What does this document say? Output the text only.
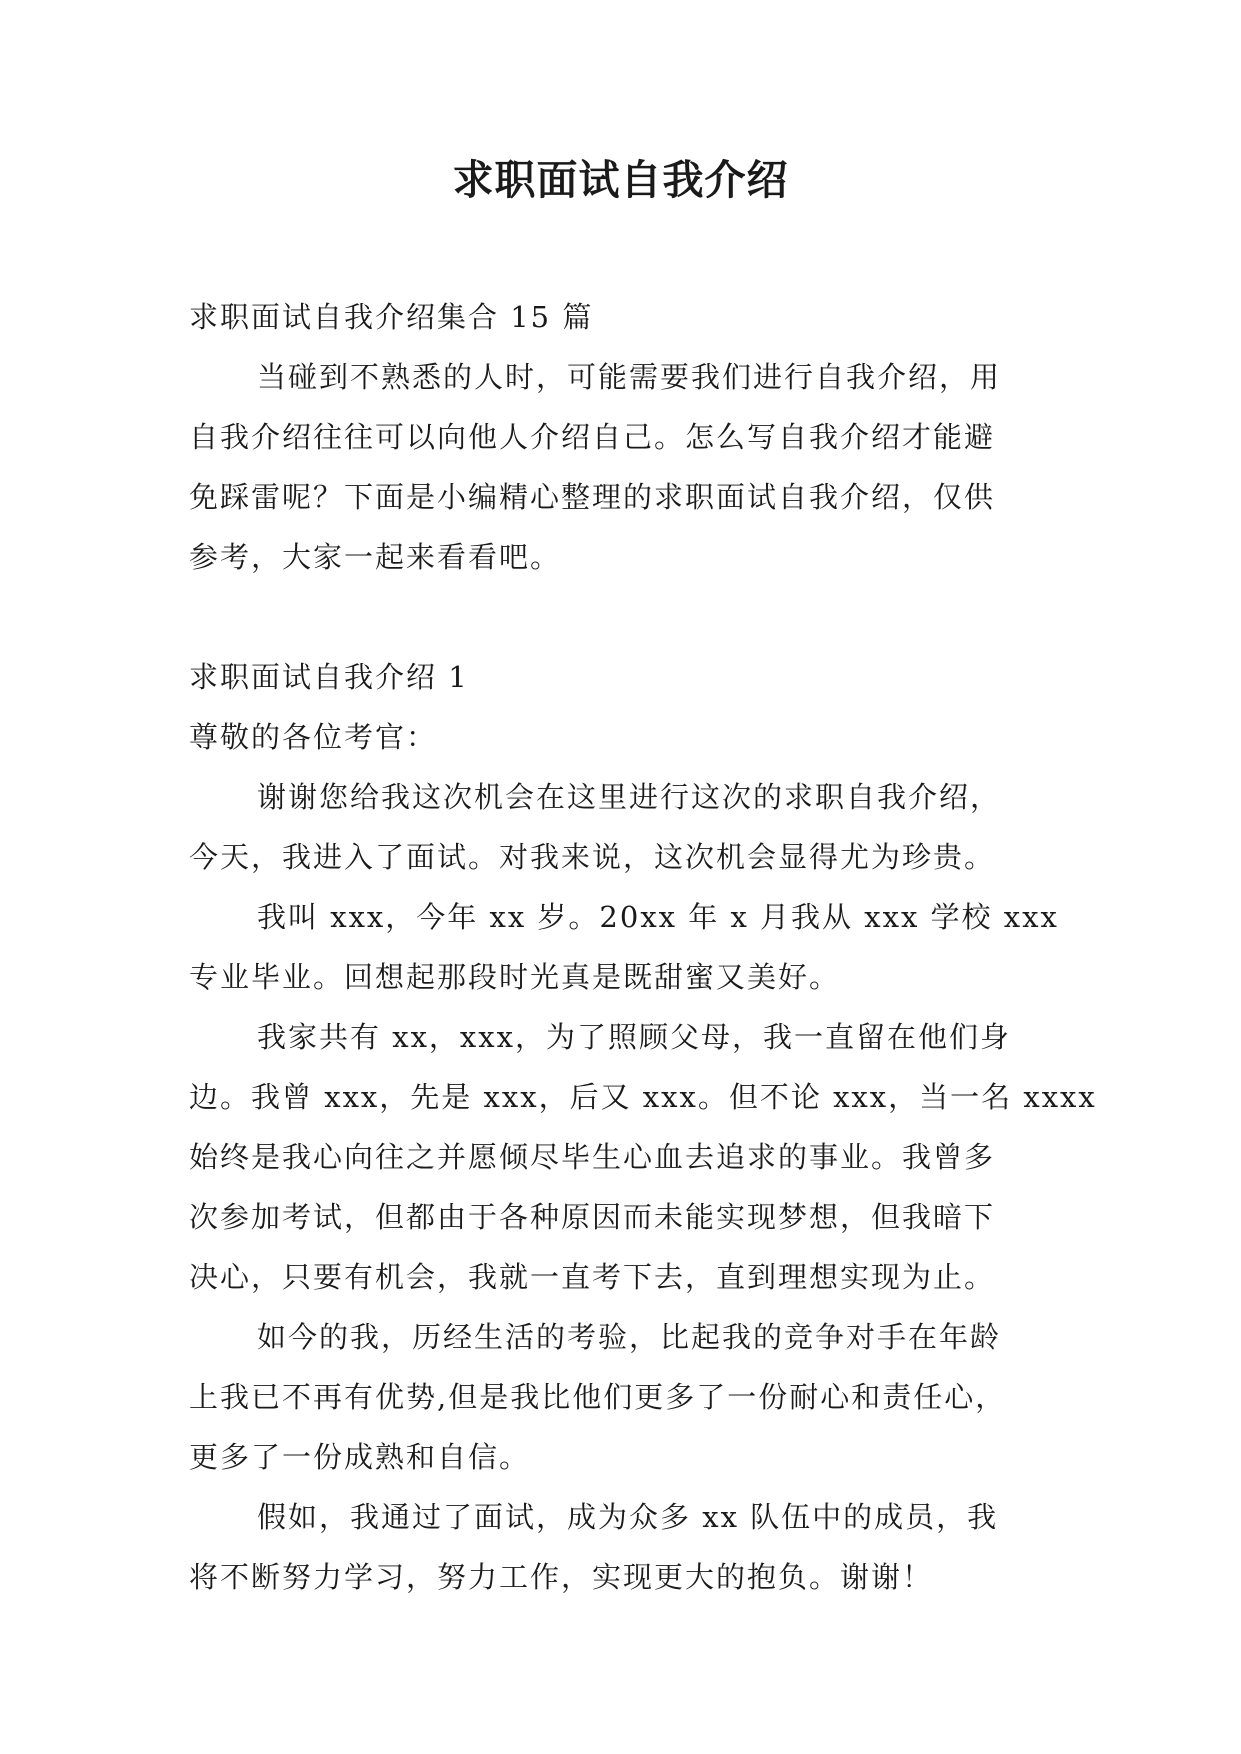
求职面试自我介绍
求职面试自我介绍集合 15 篇
当碰到不熟悉的人时，可能需要我们进行自我介绍，用
自我介绍往往可以向他人介绍自己。怎么写自我介绍才能避
免踩雷呢？下面是小编精心整理的求职面试自我介绍，仅供
参考，大家一起来看看吧。
求职面试自我介绍 1
尊敬的各位考官：
谢谢您给我这次机会在这里进行这次的求职自我介绍，
今天，我进入了面试。对我来说，这次机会显得尤为珍贵。
我叫 xxx，今年 xx 岁。20xx 年 x 月我从 xxx 学校 xxx
专业毕业。回想起那段时光真是既甜蜜又美好。
我家共有 xx，xxx，为了照顾父母，我一直留在他们身
边。我曾 xxx，先是 xxx，后又 xxx。但不论 xxx，当一名 xxxx
始终是我心向往之并愿倾尽毕生心血去追求的事业。我曾多
次参加考试，但都由于各种原因而未能实现梦想，但我暗下
决心，只要有机会，我就一直考下去，直到理想实现为止。
如今的我，历经生活的考验，比起我的竞争对手在年龄
上我已不再有优势,但是我比他们更多了一份耐心和责任心，
更多了一份成熟和自信。
假如，我通过了面试，成为众多 xx 队伍中的成员，我
将不断努力学习，努力工作，实现更大的抱负。谢谢！
